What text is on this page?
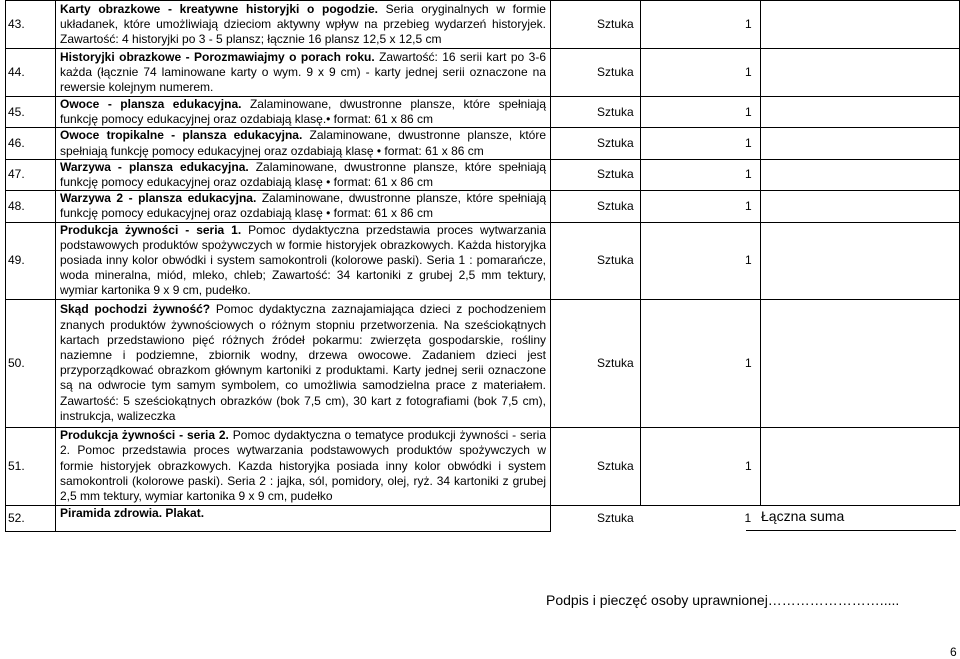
43.	Karty obrazkowe - kreatywne historyjki o pogodzie. Seria oryginalnych w formie układanek, które umożliwiają dzieciom aktywny wpływ na przebieg wydarzeń historyjek. Zawartość: 4 historyjki po 3 - 5 plansz; łącznie 16 plansz 12,5 x 12,5 cm	Sztuka	1	
44.	Historyjki obrazkowe - Porozmawiajmy o porach roku. Zawartość: 16 serii kart po 3-6 każda (łącznie 74 laminowane karty o wym. 9 x 9 cm) - karty jednej serii oznaczone na rewersie kolejnym numerem.	Sztuka	1	
45.	Owoce - plansza edukacyjna. Zalaminowane, dwustronne plansze, które spełniają funkcję pomocy edukacyjnej oraz ozdabiają klasę.• format: 61 x 86 cm	Sztuka	1	
46.	Owoce tropikalne - plansza edukacyjna. Zalaminowane, dwustronne plansze, które spełniają funkcję pomocy edukacyjnej oraz ozdabiają klasę • format: 61 x 86 cm	Sztuka	1	
47.	Warzywa - plansza edukacyjna. Zalaminowane, dwustronne plansze, które spełniają funkcję pomocy edukacyjnej oraz ozdabiają klasę • format: 61 x 86 cm	Sztuka	1	
48.	Warzywa 2 - plansza edukacyjna. Zalaminowane, dwustronne plansze, które spełniają funkcję pomocy edukacyjnej oraz ozdabiają klasę • format: 61 x 86 cm	Sztuka	1	
49.	Produkcja żywności - seria 1. Pomoc dydaktyczna przedstawia proces wytwarzania podstawowych produktów spożywczych w formie historyjek obrazkowych. Każda historyjka posiada inny kolor obwódki i system samokontroli (kolorowe paski). Seria 1 : pomarańcze, woda mineralna, miód, mleko, chleb; Zawartość: 34 kartoniki z grubej 2,5 mm tektury, wymiar kartonika 9 x 9 cm, pudełko.	Sztuka	1	
50.	Skąd pochodzi żywność? Pomoc dydaktyczna zaznajamiająca dzieci z pochodzeniem znanych produktów żywnościowych o różnym stopniu przetworzenia. Na sześciokątnych kartach przedstawiono pięć różnych źródeł pokarmu: zwierzęta gospodarskie, rośliny naziemne i podziemne, zbiornik wodny, drzewa owocowe. Zadaniem dzieci jest przyporządkować obrazkom głównym kartoniki z produktami. Karty jednej serii oznaczone są na odwrocie tym samym symbolem, co umożliwia samodzielna prace z materiałem. Zawartość: 5 sześciokątnych obrazków (bok 7,5 cm), 30 kart z fotografiami (bok 7,5 cm), instrukcja, walizeczka	Sztuka	1	
51.	Produkcja żywności - seria 2. Pomoc dydaktyczna o tematyce produkcji żywności - seria 2. Pomoc przedstawia proces wytwarzania podstawowych produktów spożywczych w formie historyjek obrazkowych. Kazda historyjka posiada inny kolor obwódki i system samokontroli (kolorowe paski). Seria 2 : jajka, sól, pomidory, olej, ryż. 34 kartoniki z grubej 2,5 mm tektury, wymiar kartonika 9 x 9 cm, pudełko	Sztuka	1	
52.	Piramida zdrowia. Plakat.	Sztuka	1	Łączna suma
Podpis i pieczęć osoby uprawnionej…………………….....
6
